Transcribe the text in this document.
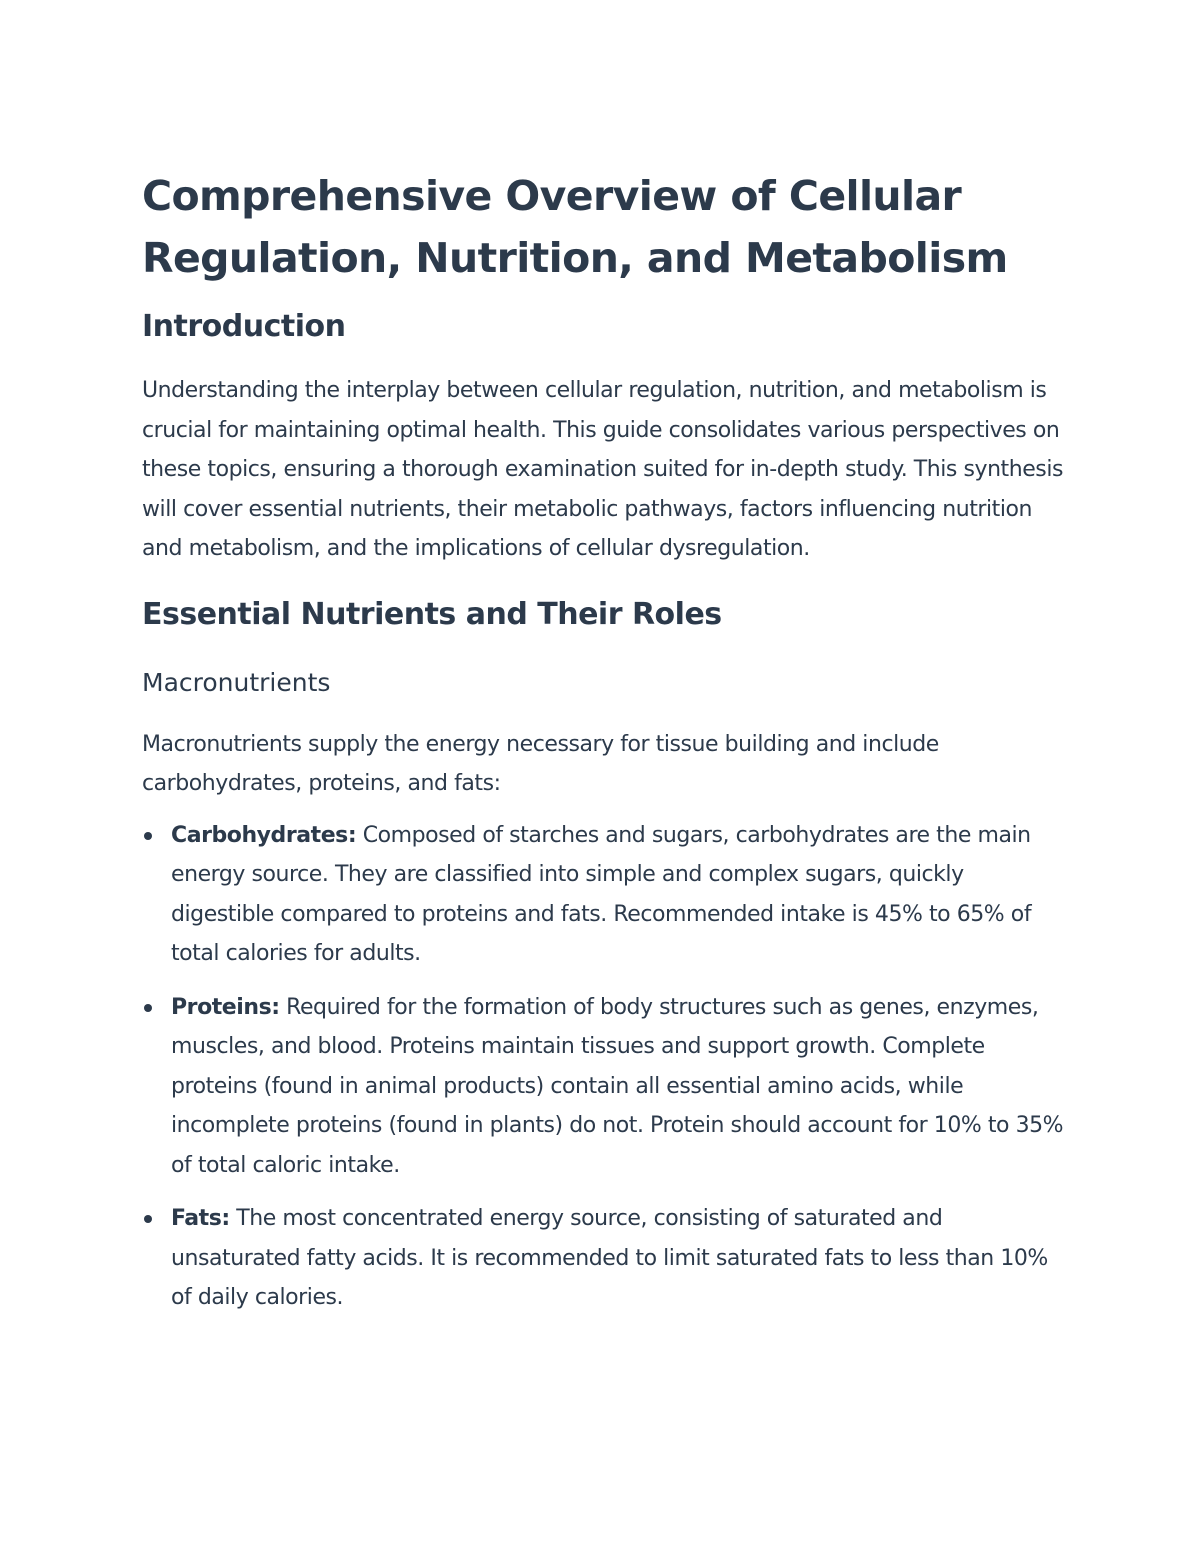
Comprehensive Overview of Cellular Regulation, Nutrition, and Metabolism
Introduction

Understanding the interplay between cellular regulation, nutrition, and metabolism is crucial for maintaining optimal health. This guide consolidates various perspectives on these topics, ensuring a thorough examination suited for in-depth study. This synthesis will cover essential nutrients, their metabolic pathways, factors influencing nutrition and metabolism, and the implications of cellular dysregulation.

Essential Nutrients and Their Roles
Macronutrients

Macronutrients supply the energy necessary for tissue building and include carbohydrates, proteins, and fats:

Carbohydrates: Composed of starches and sugars, carbohydrates are the main energy source. They are classified into simple and complex sugars, quickly digestible compared to proteins and fats. Recommended intake is 45% to 65% of total calories for adults.
Proteins: Required for the formation of body structures such as genes, enzymes, muscles, and blood. Proteins maintain tissues and support growth. Complete proteins (found in animal products) contain all essential amino acids, while incomplete proteins (found in plants) do not. Protein should account for 10% to 35% of total caloric intake.
Fats: The most concentrated energy source, consisting of saturated and unsaturated fatty acids. It is recommended to limit saturated fats to less than 10% of daily calories.
